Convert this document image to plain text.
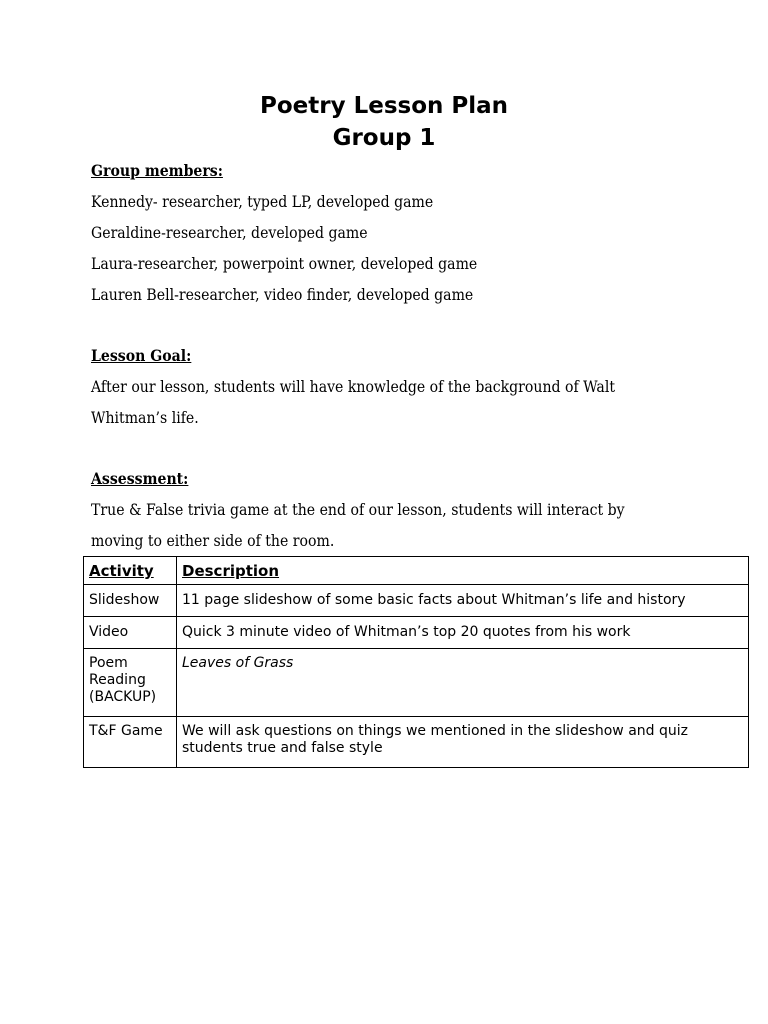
Poetry Lesson Plan
Group 1

Group members:

Kennedy- researcher, typed LP, developed game

Geraldine-researcher, developed game

Laura-researcher, powerpoint owner, developed game

Lauren Bell-researcher, video finder, developed game

Lesson Goal:

After our lesson, students will have knowledge of the background of Walt

Whitman’s life.

Assessment:

True & False trivia game at the end of our lesson, students will interact by

moving to either side of the room.

Activity	Description
Slideshow	11 page slideshow of some basic facts about Whitman’s life and history
Video	Quick 3 minute video of Whitman’s top 20 quotes from his work
Poem Reading (BACKUP)	Leaves of Grass
T&F Game	We will ask questions on things we mentioned in the slideshow and quiz students true and false style
